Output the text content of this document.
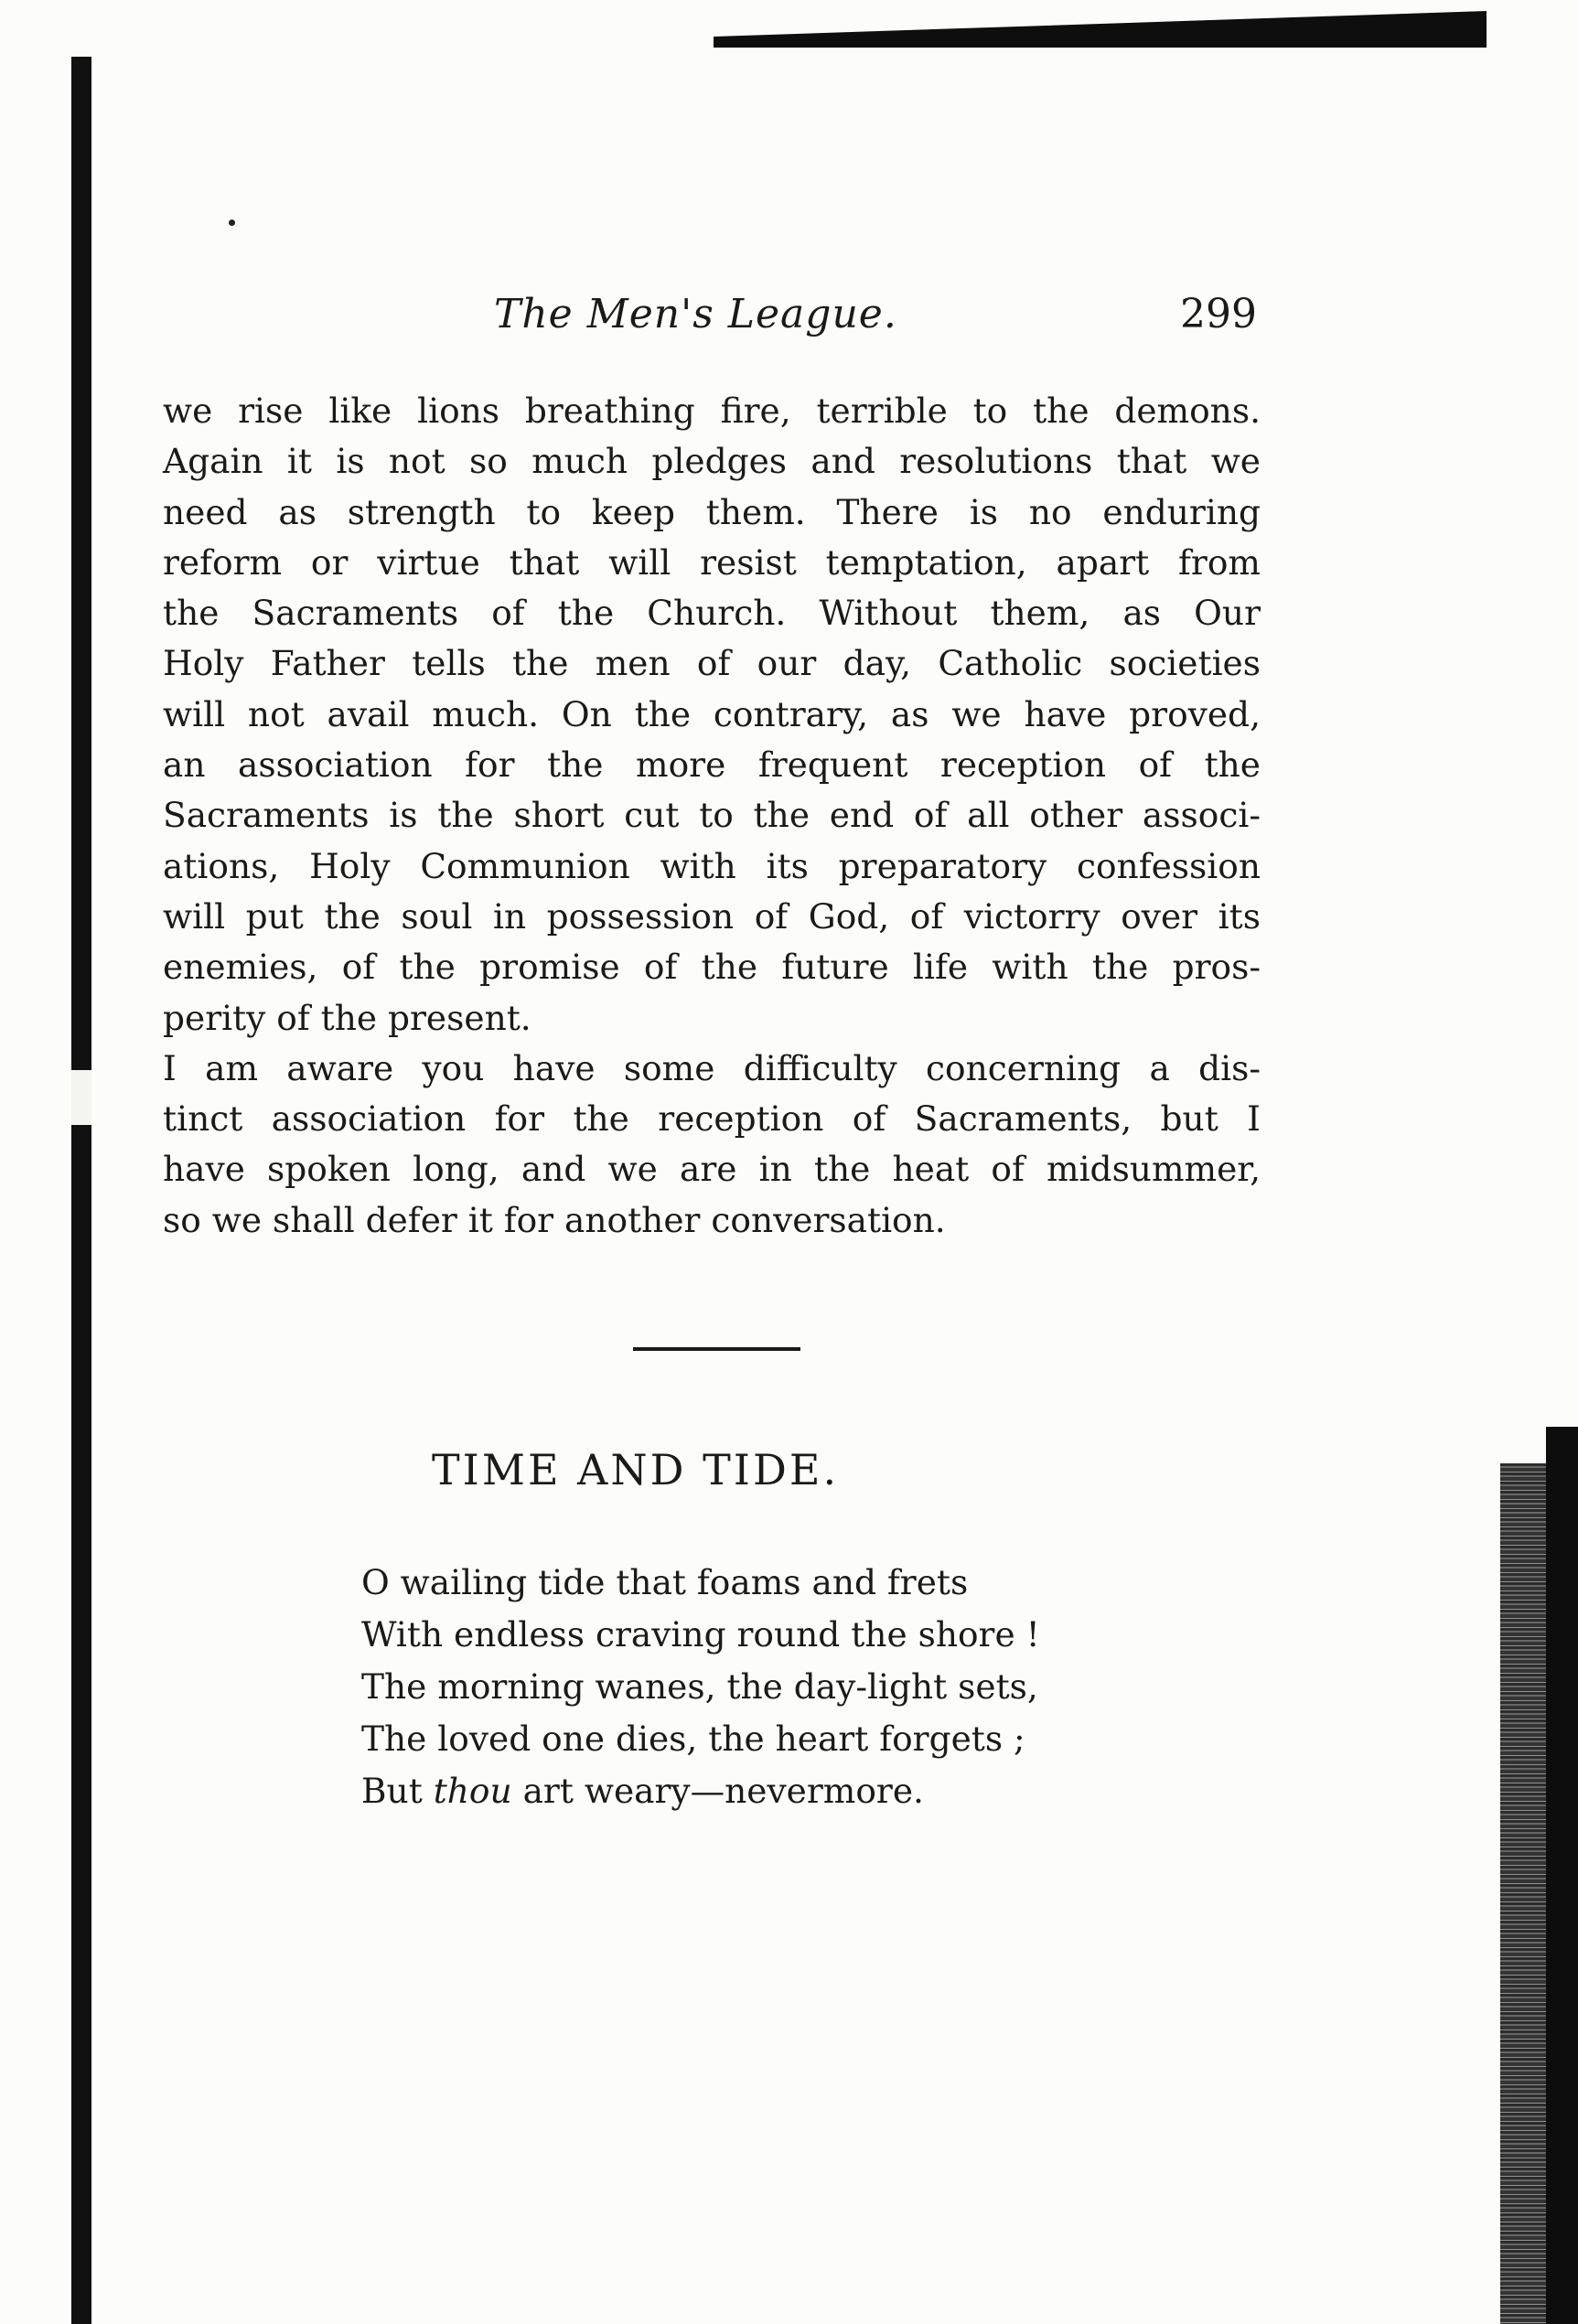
The Men's League.	299
we rise like lions breathing fire, terrible to the demons.
Again it is not so much pledges and resolutions that we
need as strength to keep them. There is no enduring
reform or virtue that will resist temptation, apart from
the Sacraments of the Church. Without them, as Our
Holy Father tells the men of our day, Catholic societies
will not avail much. On the contrary, as we have proved,
an association for the more frequent reception of the
Sacraments is the short cut to the end of all other associ-
ations, Holy Communion with its preparatory confession
will put the soul in possession of God, of victorry over its
enemies, of the promise of the future life with the pros-
perity of the present.
I am aware you have some difficulty concerning a dis-
tinct association for the reception of Sacraments, but I
have spoken long, and we are in the heat of midsummer,
so we shall defer it for another conversation.
TIME AND TIDE.
O wailing tide that foams and frets
With endless craving round the shore !
The morning wanes, the day-light sets,
The loved one dies, the heart forgets ;
But thou art weary—nevermore.
